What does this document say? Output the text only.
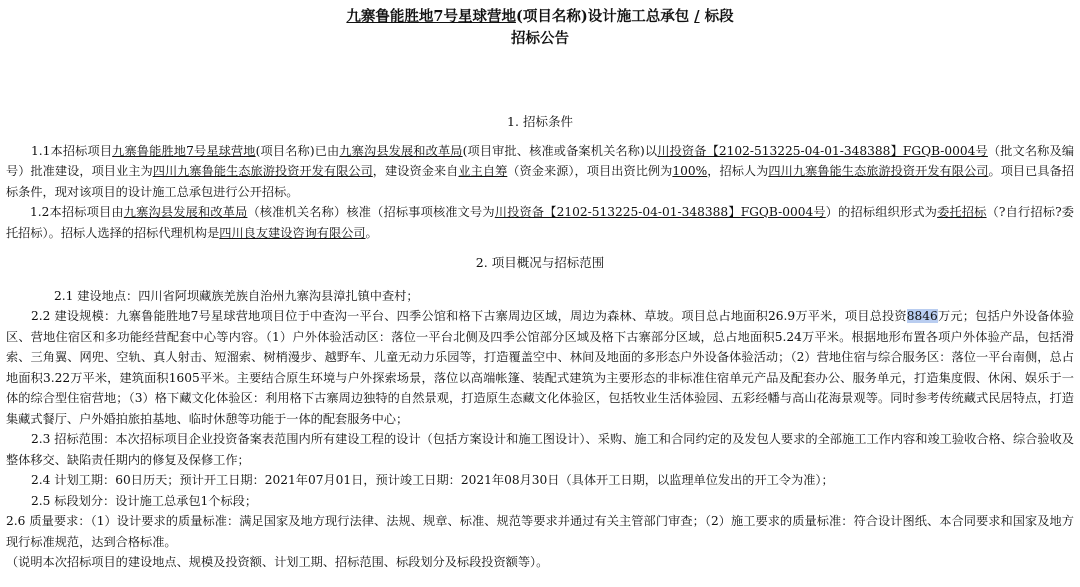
九寨鲁能胜地7号星球营地(项目名称)设计施工总承包 / 标段
招标公告
1. 招标条件

1.1本招标项目九寨鲁能胜地7号星球营地(项目名称)已由九寨沟县发展和改革局(项目审批、核准或备案机关名称)以川投资备【2102-513225-04-01-348388】FGQB-0004号（批文名称及编号）批准建设，项目业主为四川九寨鲁能生态旅游投资开发有限公司，建设资金来自业主自筹（资金来源），项目出资比例为100%，招标人为四川九寨鲁能生态旅游投资开发有限公司。项目已具备招标条件，现对该项目的设计施工总承包进行公开招标。

1.2本招标项目由九寨沟县发展和改革局（核准机关名称）核准（招标事项核准文号为川投资备【2102-513225-04-01-348388】FGQB-0004号）的招标组织形式为委托招标（?自行招标?委托招标）。招标人选择的招标代理机构是四川良友建设咨询有限公司。

2. 项目概况与招标范围

2.1 建设地点：四川省阿坝藏族羌族自治州九寨沟县漳扎镇中查村；

2.2 建设规模：九寨鲁能胜地7号星球营地项目位于中查沟一平台、四季公馆和格下古寨周边区域，周边为森林、草坡。项目总占地面积26.9万平米，项目总投资8846万元；包括户外设备体验区、营地住宿区和多功能经营配套中心等内容。（1）户外体验活动区：落位一平台北侧及四季公馆部分区域及格下古寨部分区域，总占地面积5.24万平米。根据地形布置各项户外体验产品，包括滑索、三角翼、网兜、空轨、真人射击、短溜索、树梢漫步、越野车、儿童无动力乐园等，打造覆盖空中、林间及地面的多形态户外设备体验活动；（2）营地住宿与综合服务区：落位一平台南侧，总占地面积3.22万平米，建筑面积1605平米。主要结合原生环境与户外探索场景，落位以高端帐篷、装配式建筑为主要形态的非标准住宿单元产品及配套办公、服务单元，打造集度假、休闲、娱乐于一体的综合型住宿营地；（3）格下藏文化体验区：利用格下古寨周边独特的自然景观，打造原生态藏文化体验区，包括牧业生活体验园、五彩经幡与高山花海景观等。同时参考传统藏式民居特点，打造集藏式餐厅、户外婚拍旅拍基地、临时休憩等功能于一体的配套服务中心；

2.3 招标范围：本次招标项目企业投资备案表范围内所有建设工程的设计（包括方案设计和施工图设计）、采购、施工和合同约定的及发包人要求的全部施工工作内容和竣工验收合格、综合验收及整体移交、缺陷责任期内的修复及保修工作；

2.4 计划工期：60日历天；预计开工日期：2021年07月01日，预计竣工日期：2021年08月30日（具体开工日期，以监理单位发出的开工令为准）；

2.5 标段划分：设计施工总承包1个标段；

2.6 质量要求：（1）设计要求的质量标准：满足国家及地方现行法律、法规、规章、标准、规范等要求并通过有关主管部门审查；（2）施工要求的质量标准：符合设计图纸、本合同要求和国家及地方现行标准规范，达到合格标准。

（说明本次招标项目的建设地点、规模及投资额、计划工期、招标范围、标段划分及标段投资额等）。
